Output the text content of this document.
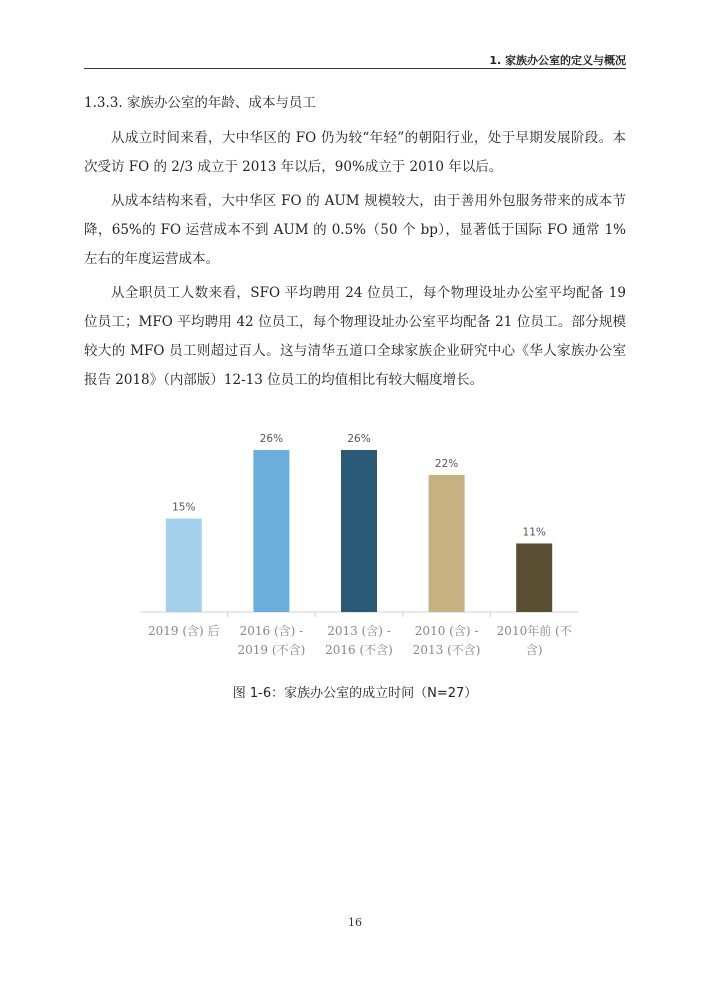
1. 家族办公室的定义与概况
1.3.3. 家族办公室的年龄、成本与员工

从成立时间来看，大中华区的 FO 仍为较“年轻”的朝阳行业，处于早期发展阶段。本次受访 FO 的 2/3 成立于 2013 年以后，90%成立于 2010 年以后。

从成本结构来看，大中华区 FO 的 AUM 规模较大，由于善用外包服务带来的成本节降，65%的 FO 运营成本不到 AUM 的 0.5%（50 个 bp），显著低于国际 FO 通常 1%左右的年度运营成本。

从全职员工人数来看，SFO 平均聘用 24 位员工，每个物理设址办公室平均配备 19 位员工；MFO 平均聘用 42 位员工，每个物理设址办公室平均配备 21 位员工。部分规模较大的 MFO 员工则超过百人。这与清华五道口全球家族企业研究中心《华人家族办公室报告 2018》（内部版）12-13 位员工的均值相比有较大幅度增长。

15%
2019 (含) 后
26%
2016 (含) -
2019 (不含)
26%
2013 (含) -
2016 (不含)
22%
2010 (含) -
2013 (不含)
11%
2010年前 (不
含)
图 1-6：家族办公室的成立时间（N=27）
16
